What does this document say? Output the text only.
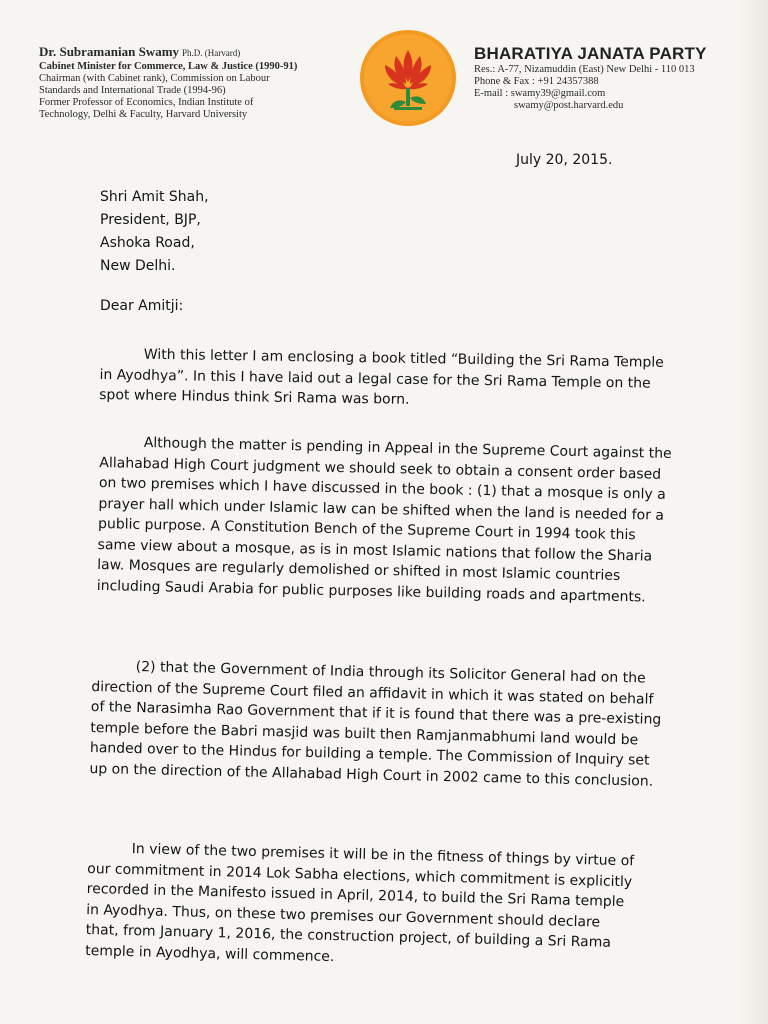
Dr. Subramanian Swamy Ph.D. (Harvard)
Cabinet Minister for Commerce, Law & Justice (1990-91)
Chairman (with Cabinet rank), Commission on Labour
Standards and International Trade (1994-96)
Former Professor of Economics, Indian Institute of
Technology, Delhi & Faculty, Harvard University
BHARATIYA JANATA PARTY
Res.: A-77, Nizamuddin (East) New Delhi - 110 013
Phone & Fax : +91 24357388
E-mail : swamy39@gmail.com
swamy@post.harvard.edu
July 20, 2015.
Shri Amit Shah,
President, BJP,
Ashoka Road,
New Delhi.
Dear Amitji:
With this letter I am enclosing a book titled “Building the Sri Rama Temple in Ayodhya”. In this I have laid out a legal case for the Sri Rama Temple on the spot where Hindus think Sri Rama was born.
Although the matter is pending in Appeal in the Supreme Court against the Allahabad High Court judgment we should seek to obtain a consent order based on two premises which I have discussed in the book : (1) that a mosque is only a prayer hall which under Islamic law can be shifted when the land is needed for a public purpose. A Constitution Bench of the Supreme Court in 1994 took this same view about a mosque, as is in most Islamic nations that follow the Sharia law. Mosques are regularly demolished or shifted in most Islamic countries including Saudi Arabia for public purposes like building roads and apartments.
(2) that the Government of India through its Solicitor General had on the direction of the Supreme Court filed an affidavit in which it was stated on behalf of the Narasimha Rao Government that if it is found that there was a pre-existing temple before the Babri masjid was built then Ramjanmabhumi land would be handed over to the Hindus for building a temple. The Commission of Inquiry set up on the direction of the Allahabad High Court in 2002 came to this conclusion.
In view of the two premises it will be in the fitness of things by virtue of our commitment in 2014 Lok Sabha elections, which commitment is explicitly recorded in the Manifesto issued in April, 2014, to build the Sri Rama temple in Ayodhya. Thus, on these two premises our Government should declare that, from January 1, 2016, the construction project, of building a Sri Rama temple in Ayodhya, will commence.
